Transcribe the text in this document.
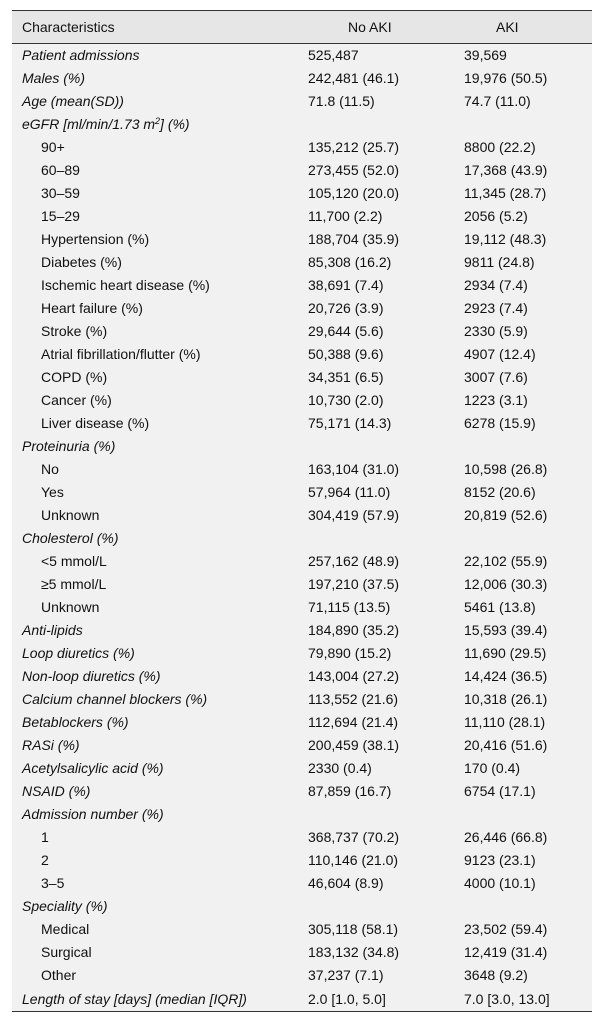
Characteristics	No AKI	AKI
Patient admissions	525,487	39,569
Males (%)	242,481 (46.1)	19,976 (50.5)
Age (mean(SD))	71.8 (11.5)	74.7 (11.0)
eGFR [ml/min/1.73 $m^2$] (%)		
90+	135,212 (25.7)	8800 (22.2)
60–89	273,455 (52.0)	17,368 (43.9)
30–59	105,120 (20.0)	11,345 (28.7)
15–29	11,700 (2.2)	2056 (5.2)
Hypertension (%)	188,704 (35.9)	19,112 (48.3)
Diabetes (%)	85,308 (16.2)	9811 (24.8)
Ischemic heart disease (%)	38,691 (7.4)	2934 (7.4)
Heart failure (%)	20,726 (3.9)	2923 (7.4)
Stroke (%)	29,644 (5.6)	2330 (5.9)
Atrial fibrillation/flutter (%)	50,388 (9.6)	4907 (12.4)
COPD (%)	34,351 (6.5)	3007 (7.6)
Cancer (%)	10,730 (2.0)	1223 (3.1)
Liver disease (%)	75,171 (14.3)	6278 (15.9)
Proteinuria (%)		
No	163,104 (31.0)	10,598 (26.8)
Yes	57,964 (11.0)	8152 (20.6)
Unknown	304,419 (57.9)	20,819 (52.6)
Cholesterol (%)		
<5 mmol/L	257,162 (48.9)	22,102 (55.9)
≥5 mmol/L	197,210 (37.5)	12,006 (30.3)
Unknown	71,115 (13.5)	5461 (13.8)
Anti-lipids	184,890 (35.2)	15,593 (39.4)
Loop diuretics (%)	79,890 (15.2)	11,690 (29.5)
Non-loop diuretics (%)	143,004 (27.2)	14,424 (36.5)
Calcium channel blockers (%)	113,552 (21.6)	10,318 (26.1)
Betablockers (%)	112,694 (21.4)	11,110 (28.1)
RASi (%)	200,459 (38.1)	20,416 (51.6)
Acetylsalicylic acid (%)	2330 (0.4)	170 (0.4)
NSAID (%)	87,859 (16.7)	6754 (17.1)
Admission number (%)		
1	368,737 (70.2)	26,446 (66.8)
2	110,146 (21.0)	9123 (23.1)
3–5	46,604 (8.9)	4000 (10.1)
Speciality (%)		
Medical	305,118 (58.1)	23,502 (59.4)
Surgical	183,132 (34.8)	12,419 (31.4)
Other	37,237 (7.1)	3648 (9.2)
Length of stay [days] (median [IQR])	2.0 [1.0, 5.0]	7.0 [3.0, 13.0]
